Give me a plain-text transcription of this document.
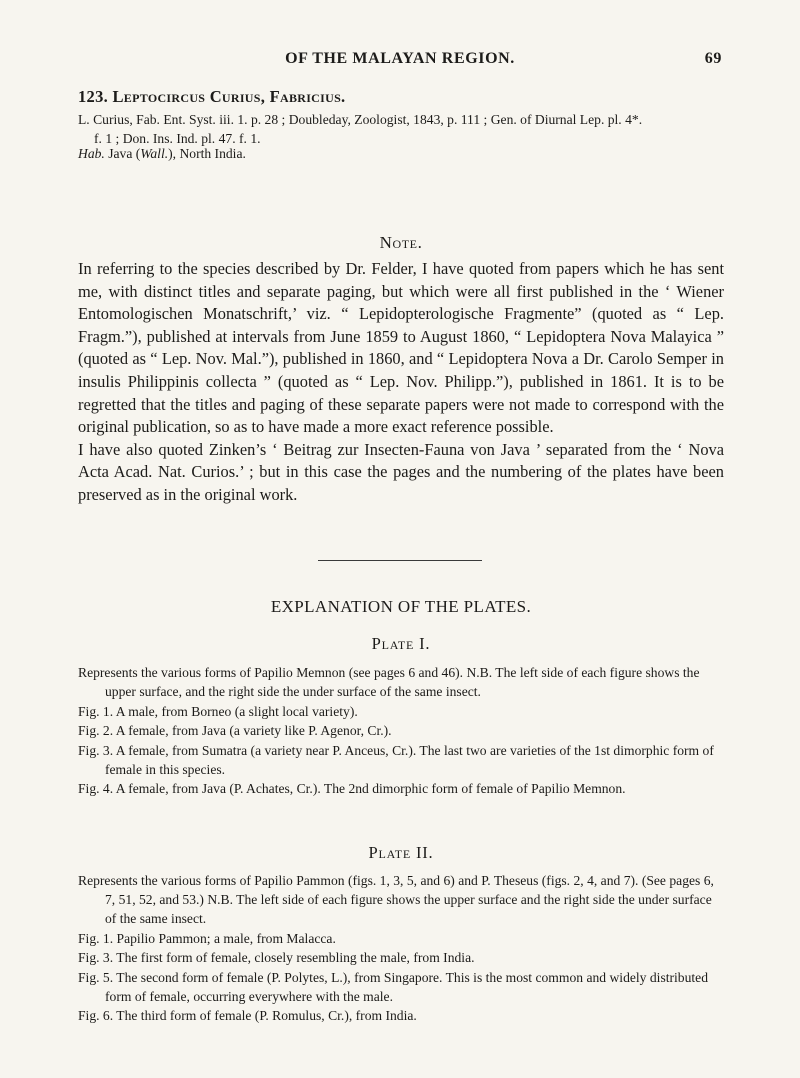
OF THE MALAYAN REGION.	69
123. Leptocircus Curius, Fabricius.
L. Curius, Fab. Ent. Syst. iii. 1. p. 28 ; Doubleday, Zoologist, 1843, p. 111 ; Gen. of Diurnal Lep. pl. 4*.
f. 1 ; Don. Ins. Ind. pl. 47. f. 1.
Hab. Java (Wall.), North India.
Note.

In referring to the species described by Dr. Felder, I have quoted from papers which he has sent me, with distinct titles and separate paging, but which were all first published in the ‘ Wiener Entomologischen Monatschrift,’ viz. “ Lepidopterologische Fragmente” (quoted as “ Lep. Fragm.”), published at intervals from June 1859 to August 1860, “ Lepidoptera Nova Malayica ” (quoted as “ Lep. Nov. Mal.”), published in 1860, and “ Lepidoptera Nova a Dr. Carolo Semper in insulis Philippinis collecta ” (quoted as “ Lep. Nov. Philipp.”), published in 1861. It is to be regretted that the titles and paging of these separate papers were not made to correspond with the original publication, so as to have made a more exact reference possible.

I have also quoted Zinken’s ‘ Beitrag zur Insecten-Fauna von Java ’ separated from the ‘ Nova Acta Acad. Nat. Curios.’ ; but in this case the pages and the numbering of the plates have been preserved as in the original work.

EXPLANATION OF THE PLATES.
Plate I.
Represents the various forms of Papilio Memnon (see pages 6 and 46). N.B. The left side of each figure shows the upper surface, and the right side the under surface of the same insect.
Fig. 1. A male, from Borneo (a slight local variety).
Fig. 2. A female, from Java (a variety like P. Agenor, Cr.).
Fig. 3. A female, from Sumatra (a variety near P. Anceus, Cr.). The last two are varieties of the 1st dimorphic form of female in this species.
Fig. 4. A female, from Java (P. Achates, Cr.). The 2nd dimorphic form of female of Papilio Memnon.
Plate II.
Represents the various forms of Papilio Pammon (figs. 1, 3, 5, and 6) and P. Theseus (figs. 2, 4, and 7). (See pages 6, 7, 51, 52, and 53.) N.B. The left side of each figure shows the upper surface and the right side the under surface of the same insect.
Fig. 1. Papilio Pammon; a male, from Malacca.
Fig. 3. The first form of female, closely resembling the male, from India.
Fig. 5. The second form of female (P. Polytes, L.), from Singapore. This is the most common and widely distributed form of female, occurring everywhere with the male.
Fig. 6. The third form of female (P. Romulus, Cr.), from India.
